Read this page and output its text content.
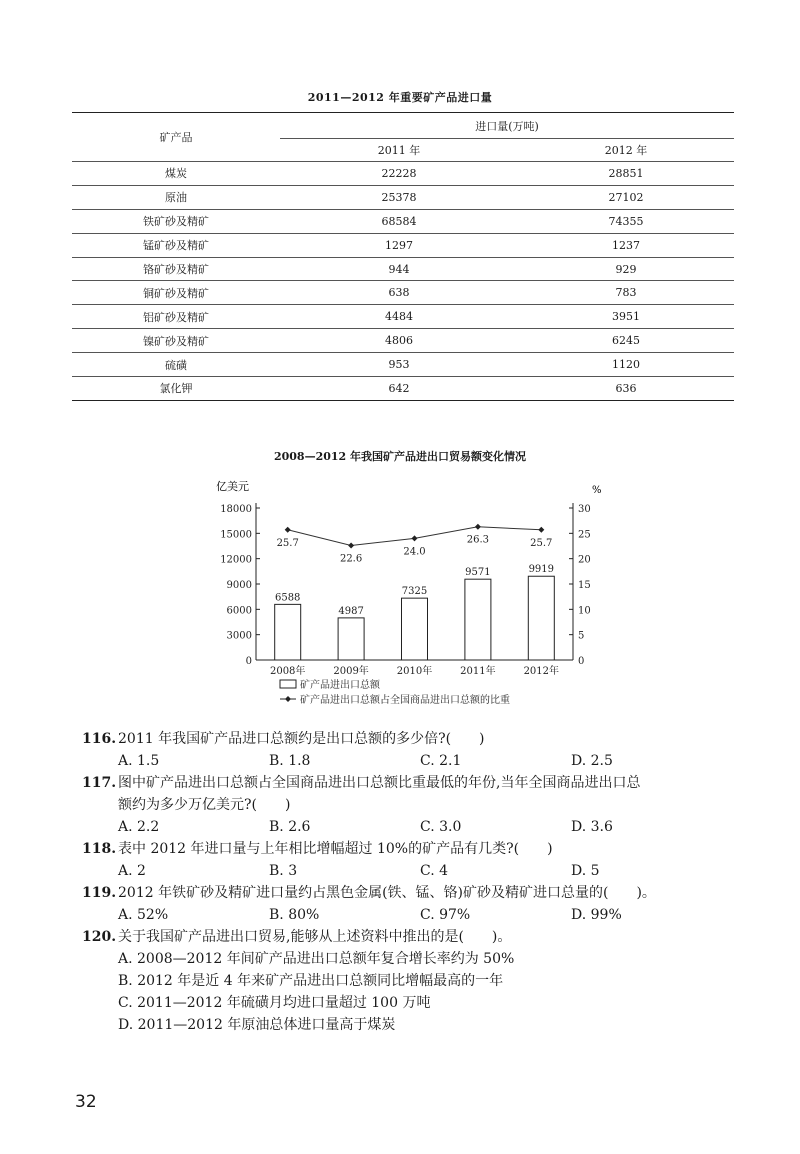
2011—2012 年重要矿产品进口量
矿产品	进口量(万吨)	
	2011 年	2012 年
煤炭	22228	28851
原油	25378	27102
铁矿砂及精矿	68584	74355
锰矿砂及精矿	1297	1237
铬矿砂及精矿	944	929
铜矿砂及精矿	638	783
铝矿砂及精矿	4484	3951
镍矿砂及精矿	4806	6245
硫磺	953	1120
氯化钾	642	636
2008—2012 年我国矿产品进出口贸易额变化情况
亿美元	%
0
3000
6000
9000
12000
15000
18000
0
5
10
15
20
25
30
6588
2008年
4987
2009年
7325
2010年
9571
2011年
9919
2012年
25.7
22.6
24.0
26.3	25.7
矿产品进出口总额
矿产品进出口总额占全国商品进出口总额的比重
116. 2011 年我国矿产品进口总额约是出口总额的多少倍?(　　)
A. 1.5	B. 1.8	C. 2.1	D. 2.5
117. 图中矿产品进出口总额占全国商品进出口总额比重最低的年份,当年全国商品进出口总
额约为多少万亿美元?(　　)
A. 2.2	B. 2.6	C. 3.0	D. 3.6
118. 表中 2012 年进口量与上年相比增幅超过 10%的矿产品有几类?(　　)
A. 2	B. 3	C. 4	D. 5
119. 2012 年铁矿砂及精矿进口量约占黑色金属(铁、锰、铬)矿砂及精矿进口总量的(　　)。
A. 52%	B. 80%	C. 97%	D. 99%
120. 关于我国矿产品进出口贸易,能够从上述资料中推出的是(　　)。
A. 2008—2012 年间矿产品进出口总额年复合增长率约为 50%
B. 2012 年是近 4 年来矿产品进出口总额同比增幅最高的一年
C. 2011—2012 年硫磺月均进口量超过 100 万吨
D. 2011—2012 年原油总体进口量高于煤炭
32
